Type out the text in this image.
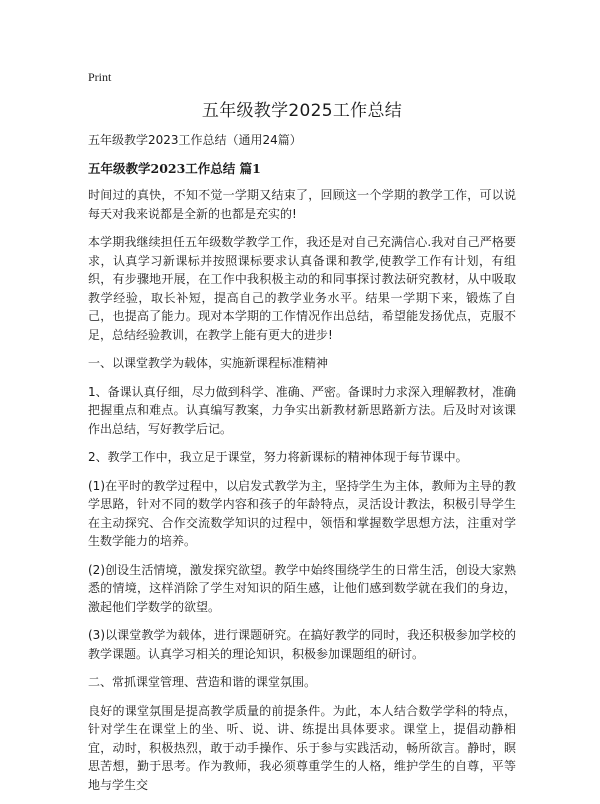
Print
五年级教学2025工作总结

五年级教学2023工作总结（通用24篇）

五年级教学2023工作总结 篇1

时间过的真快，不知不觉一学期又结束了，回顾这一个学期的教学工作，可以说每天对我来说都是全新的也都是充实的!

本学期我继续担任五年级数学教学工作，我还是对自己充满信心.我对自己严格要求，认真学习新课标并按照课标要求认真备课和教学,使教学工作有计划，有组织，有步骤地开展，在工作中我积极主动的和同事探讨教法研究教材，从中吸取教学经验，取长补短，提高自己的教学业务水平。结果一学期下来，锻炼了自己，也提高了能力。现对本学期的工作情况作出总结，希望能发扬优点，克服不足，总结经验教训，在教学上能有更大的进步!

一、以课堂教学为载体，实施新课程标准精神

1、备课认真仔细，尽力做到科学、准确、严密。备课时力求深入理解教材，准确把握重点和难点。认真编写教案，力争实出新教材新思路新方法。后及时对该课作出总结，写好教学后记。

2、教学工作中，我立足于课堂，努力将新课标的精神体现于每节课中。

(1)在平时的教学过程中，以启发式教学为主，坚持学生为主体，教师为主导的教学思路，针对不同的数学内容和孩子的年龄特点，灵活设计教法，积极引导学生在主动探究、合作交流数学知识的过程中，领悟和掌握数学思想方法，注重对学生数学能力的培养。

(2)创设生活情境，激发探究欲望。教学中始终围绕学生的日常生活，创设大家熟悉的情境，这样消除了学生对知识的陌生感，让他们感到数学就在我们的身边，激起他们学数学的欲望。

(3)以课堂教学为载体，进行课题研究。在搞好教学的同时，我还积极参加学校的教学课题。认真学习相关的理论知识，积极参加课题组的研讨。

二、常抓课堂管理、营造和谐的课堂氛围。

良好的课堂氛围是提高教学质量的前提条件。为此，本人结合数学学科的特点，针对学生在课堂上的坐、听、说、讲、练提出具体要求。课堂上，提倡动静相宜，动时，积极热烈，敢于动手操作、乐于参与实践活动，畅所欲言。静时，瞑思苦想，勤于思考。作为教师，我必须尊重学生的人格，维护学生的自尊，平等地与学生交
